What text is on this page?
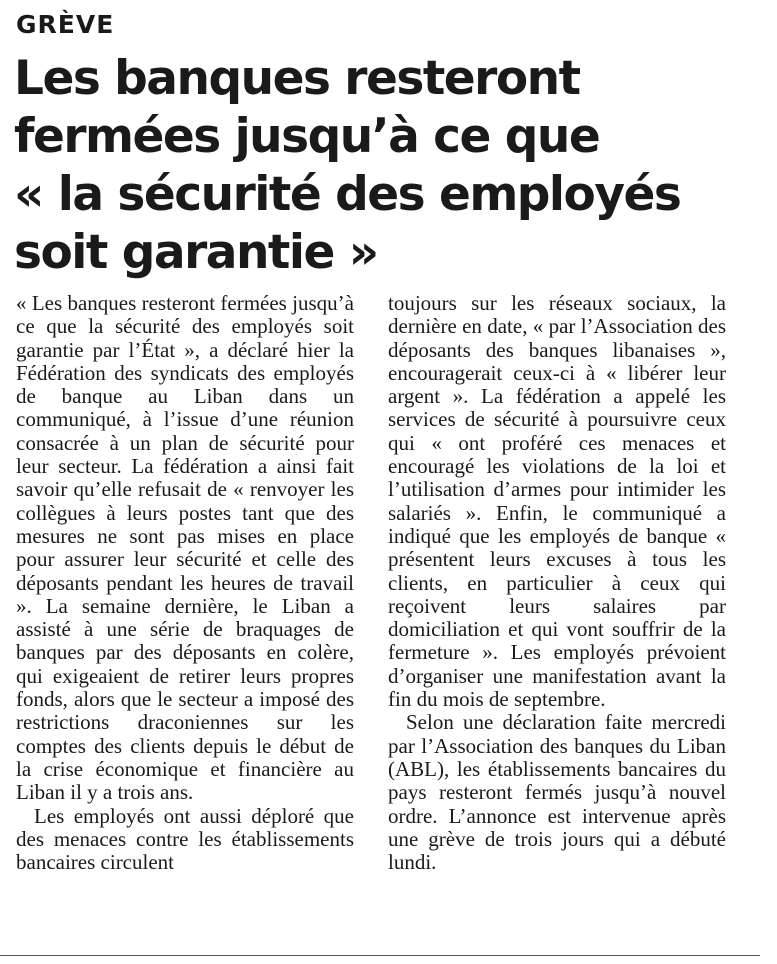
GRÈVE
Les banques resteront
fermées jusqu’à ce que
« la sécurité des employés
soit garantie »

« Les banques resteront fermées jusqu’à ce que la sécurité des employés soit garantie par l’État », a déclaré hier la Fédération des syndicats des employés de banque au Liban dans un communiqué, à l’issue d’une réunion consacrée à un plan de sécurité pour leur secteur. La fédération a ainsi fait savoir qu’elle refusait de « renvoyer les collègues à leurs postes tant que des mesures ne sont pas mises en place pour assurer leur sécurité et celle des déposants pendant les heures de travail ». La semaine dernière, le Liban a assisté à une série de braquages de banques par des déposants en colère, qui exigeaient de retirer leurs propres fonds, alors que le secteur a imposé des restrictions draconiennes sur les comptes des clients depuis le début de la crise économique et financière au Liban il y a trois ans.

Les employés ont aussi déploré que des menaces contre les établissements bancaires circulent

toujours sur les réseaux sociaux, la dernière en date, « par l’Association des déposants des banques libanaises », encouragerait ceux-ci à « libérer leur argent ». La fédération a appelé les services de sécurité à poursuivre ceux qui « ont proféré ces menaces et encouragé les violations de la loi et l’utilisation d’armes pour intimider les salariés ». Enfin, le communiqué a indiqué que les employés de banque « présentent leurs excuses à tous les clients, en particulier à ceux qui reçoivent leurs salaires par domiciliation et qui vont souffrir de la fermeture ». Les employés prévoient d’organiser une manifestation avant la fin du mois de septembre.

Selon une déclaration faite mercredi par l’Association des banques du Liban (ABL), les établissements bancaires du pays resteront fermés jusqu’à nouvel ordre. L’annonce est intervenue après une grève de trois jours qui a débuté lundi.
